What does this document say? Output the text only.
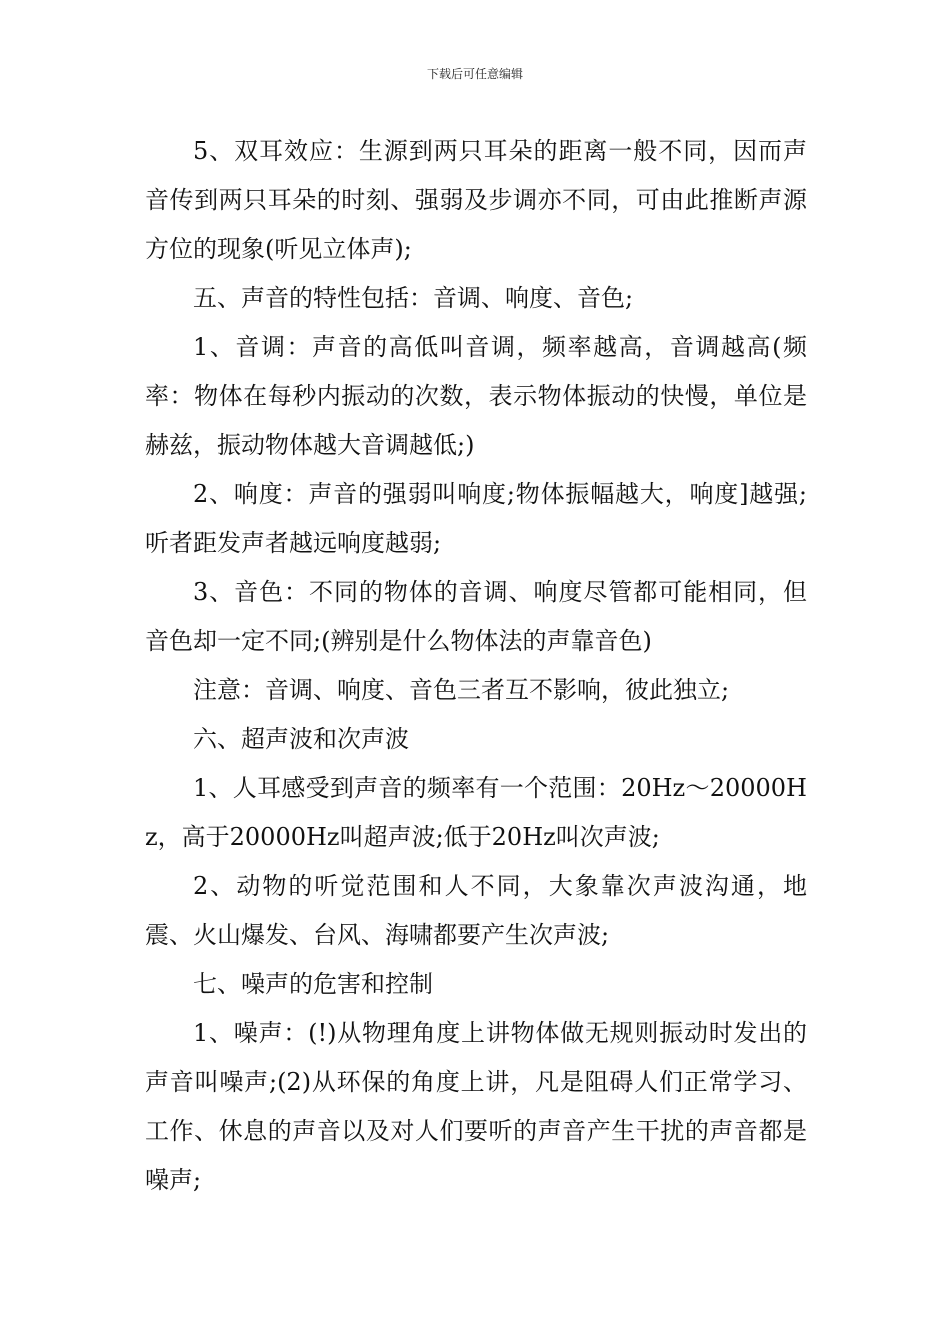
下载后可任意编辑

5、双耳效应：生源到两只耳朵的距离一般不同，因而声音传到两只耳朵的时刻、强弱及步调亦不同，可由此推断声源方位的现象(听见立体声);

五、声音的特性包括：音调、响度、音色;

1、音调：声音的高低叫音调，频率越高，音调越高(频率：物体在每秒内振动的次数，表示物体振动的快慢，单位是赫兹，振动物体越大音调越低;)

2、响度：声音的强弱叫响度;物体振幅越大，响度]越强;听者距发声者越远响度越弱;

3、音色：不同的物体的音调、响度尽管都可能相同，但音色却一定不同;(辨别是什么物体法的声靠音色)

注意：音调、响度、音色三者互不影响，彼此独立;

六、超声波和次声波

1、人耳感受到声音的频率有一个范围：20Hz～20000Hz，高于20000Hz叫超声波;低于20Hz叫次声波;

2、动物的听觉范围和人不同，大象靠次声波沟通，地震、火山爆发、台风、海啸都要产生次声波;

七、噪声的危害和控制

1、噪声：(!)从物理角度上讲物体做无规则振动时发出的声音叫噪声;(2)从环保的角度上讲，凡是阻碍人们正常学习、工作、休息的声音以及对人们要听的声音产生干扰的声音都是噪声;
